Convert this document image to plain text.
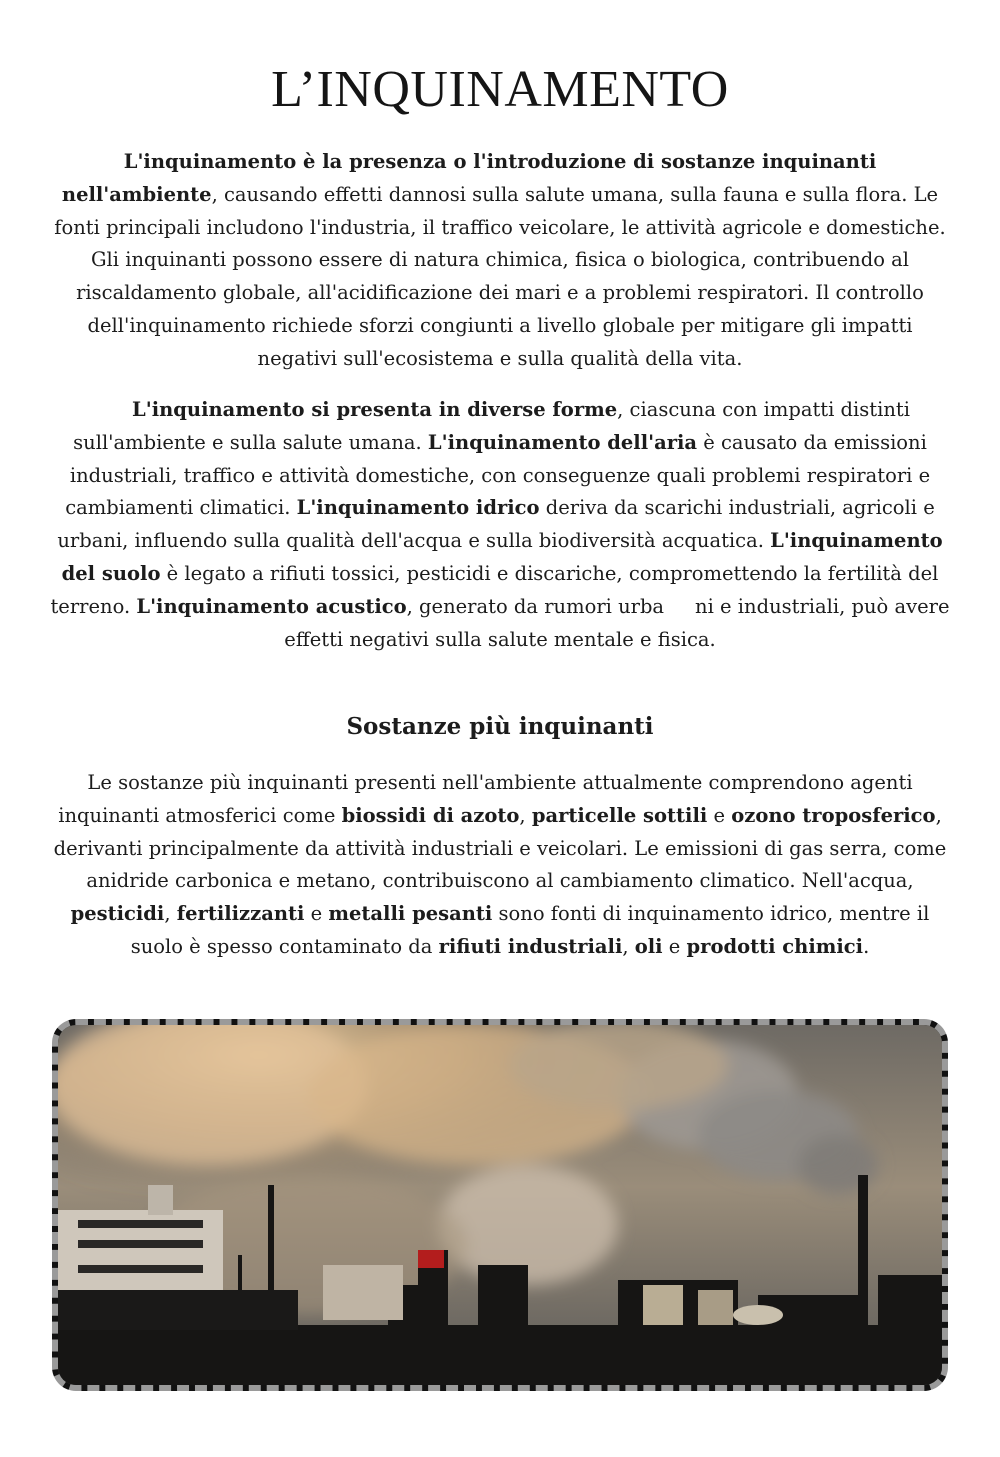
L’INQUINAMENTO

L'inquinamento è la presenza o l'introduzione di sostanze inquinanti nell'ambiente, causando effetti dannosi sulla salute umana, sulla fauna e sulla flora. Le fonti principali includono l'industria, il traffico veicolare, le attività agricole e domestiche. Gli inquinanti possono essere di natura chimica, fisica o biologica, contribuendo al riscaldamento globale, all'acidificazione dei mari e a problemi respiratori. Il controllo dell'inquinamento richiede sforzi congiunti a livello globale per mitigare gli impatti negativi sull'ecosistema e sulla qualità della vita.

L'inquinamento si presenta in diverse forme, ciascuna con impatti distinti sull'ambiente e sulla salute umana. L'inquinamento dell'aria è causato da emissioni industriali, traffico e attività domestiche, con conseguenze quali problemi respiratori e cambiamenti climatici. L'inquinamento idrico deriva da scarichi industriali, agricoli e urbani, influendo sulla qualità dell'acqua e sulla biodiversità acquatica. L'inquinamento del suolo è legato a rifiuti tossici, pesticidi e discariche, compromettendo la fertilità del terreno. L'inquinamento acustico, generato da rumori urba     ni e industriali, può avere effetti negativi sulla salute mentale e fisica.

Sostanze più inquinanti

Le sostanze più inquinanti presenti nell'ambiente attualmente comprendono agenti inquinanti atmosferici come biossidi di azoto, particelle sottili e ozono troposferico, derivanti principalmente da attività industriali e veicolari. Le emissioni di gas serra, come anidride carbonica e metano, contribuiscono al cambiamento climatico. Nell'acqua, pesticidi, fertilizzanti e metalli pesanti sono fonti di inquinamento idrico, mentre il suolo è spesso contaminato da rifiuti industriali, oli e prodotti chimici.
